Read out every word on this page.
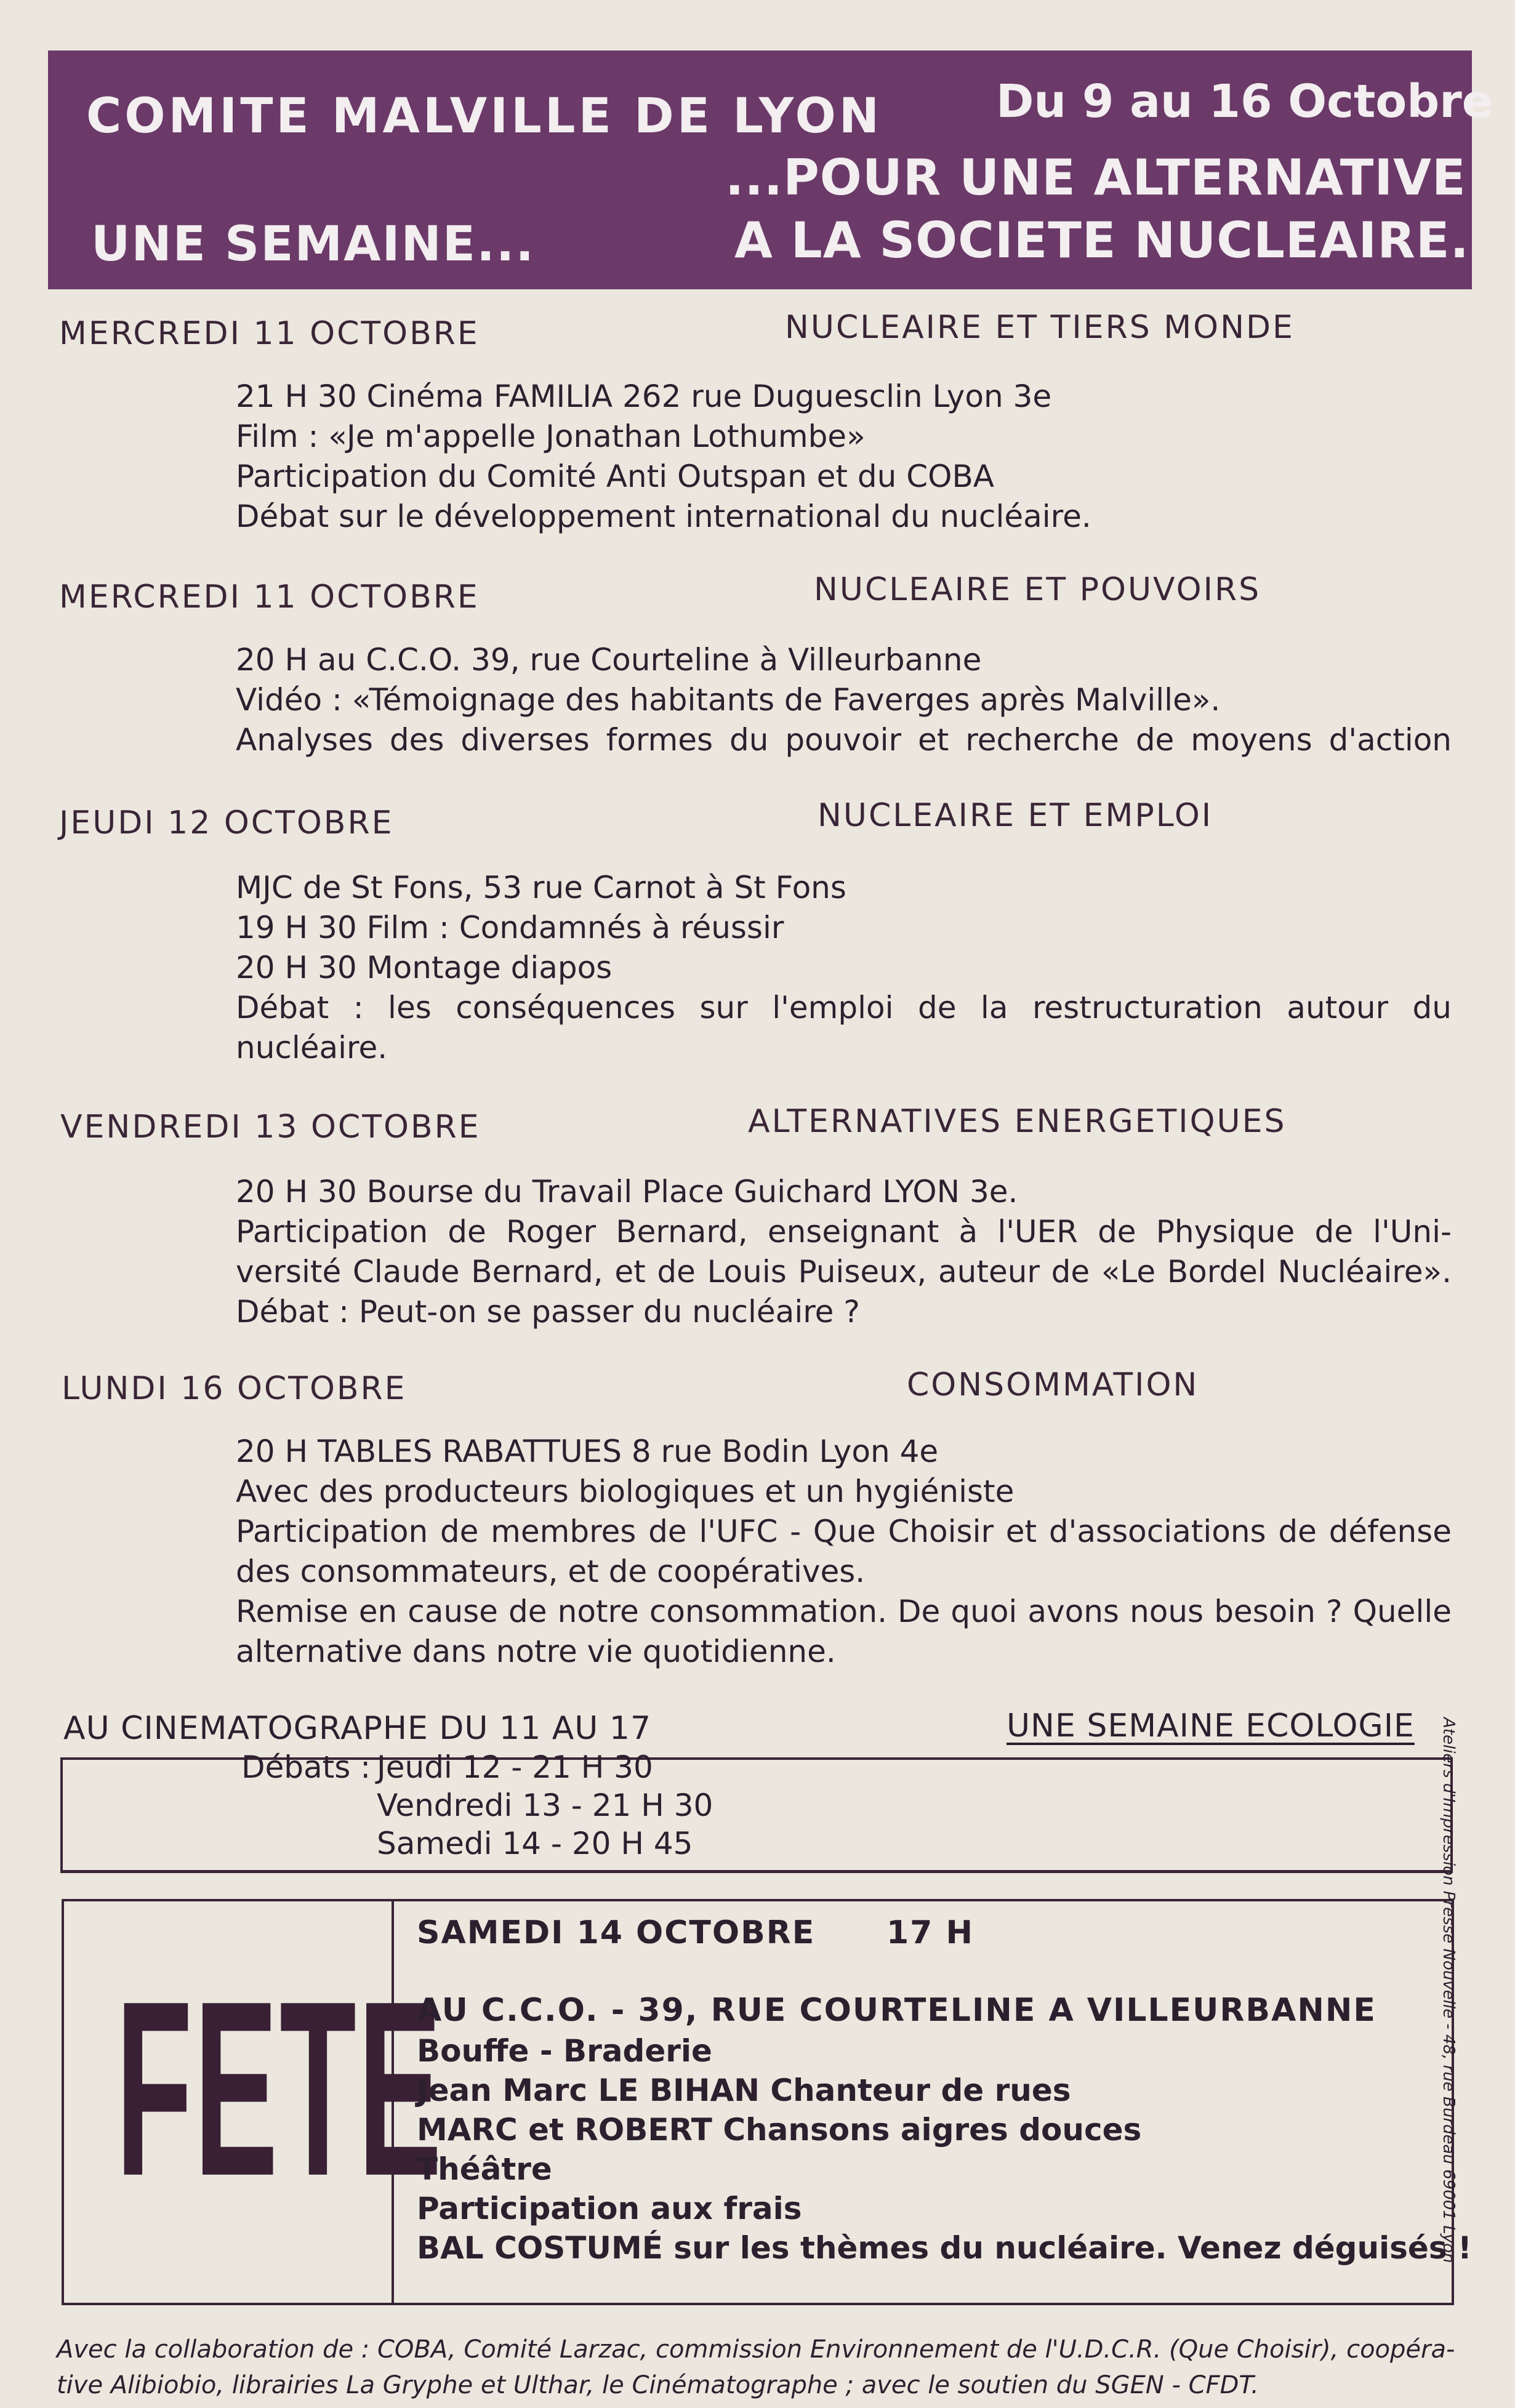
COMITE MALVILLE DE LYON Du 9 au 16 Octobre
UNE SEMAINE...
...POUR UNE ALTERNATIVE
A LA SOCIETE NUCLEAIRE.
MERCREDI 11 OCTOBRE	NUCLEAIRE ET TIERS MONDE

21 H 30 Cinéma FAMILIA 262 rue Duguesclin Lyon 3e

Film : «Je m'appelle Jonathan Lothumbe»

Participation du Comité Anti Outspan et du COBA

Débat sur le développement international du nucléaire.

MERCREDI 11 OCTOBRE	NUCLEAIRE ET POUVOIRS

20 H au C.C.O. 39, rue Courteline à Villeurbanne

Vidéo : «Témoignage des habitants de Faverges après Malville».

Analyses des diverses formes du pouvoir et recherche de moyens d'action

JEUDI 12 OCTOBRE	NUCLEAIRE ET EMPLOI

MJC de St Fons, 53 rue Carnot à St Fons

19 H 30 Film : Condamnés à réussir

20 H 30 Montage diapos

Débat : les conséquences sur l'emploi de la restructuration autour du

nucléaire.

VENDREDI 13 OCTOBRE	ALTERNATIVES ENERGETIQUES

20 H 30 Bourse du Travail Place Guichard LYON 3e.

Participation de Roger Bernard, enseignant à l'UER de Physique de l'Uni-

versité Claude Bernard, et de Louis Puiseux, auteur de «Le Bordel Nucléaire».

Débat : Peut-on se passer du nucléaire ?

LUNDI 16 OCTOBRE	CONSOMMATION

20 H TABLES RABATTUES 8 rue Bodin Lyon 4e

Avec des producteurs biologiques et un hygiéniste

Participation de membres de l'UFC - Que Choisir et d'associations de défense

des consommateurs, et de coopératives.

Remise en cause de notre consommation. De quoi avons nous besoin ? Quelle

alternative dans notre vie quotidienne.

AU CINEMATOGRAPHE DU 11 AU 17	UNE SEMAINE ECOLOGIE
Débats : Jeudi 12 - 21 H 30
Vendredi 13 - 21 H 30
Samedi 14 - 20 H 45
FETE
SAMEDI 14 OCTOBRE 17 H
AU C.C.O. - 39, RUE COURTELINE A VILLEURBANNE

Bouffe - Braderie

Jean Marc LE BIHAN Chanteur de rues

MARC et ROBERT Chansons aigres douces

Théâtre

Participation aux frais

BAL COSTUMÉ sur les thèmes du nucléaire. Venez déguisés !

Ateliers d'Impression Presse Nouvelle - 48, rue Burdeau 69001 Lyon

Avec la collaboration de : COBA, Comité Larzac, commission Environnement de l'U.D.C.R. (Que Choisir), coopéra-

tive Alibiobio, librairies La Gryphe et Ulthar, le Cinématographe ; avec le soutien du SGEN - CFDT.
